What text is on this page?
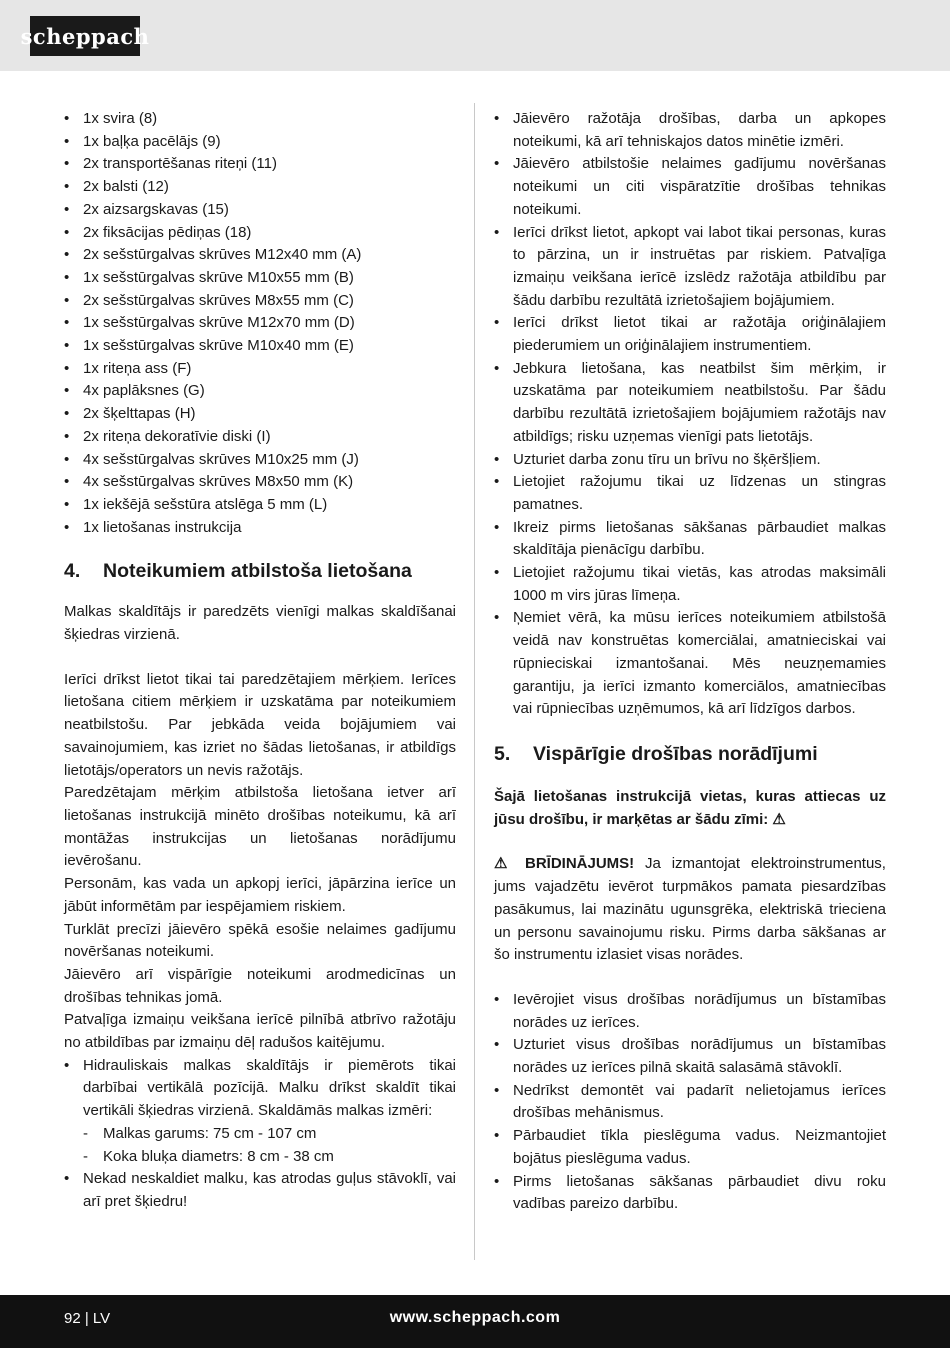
scheppach
• 1x svira (8)
• 1x baļķa pacēlājs (9)
• 2x transportēšanas riteņi (11)
• 2x balsti (12)
• 2x aizsargskavas (15)
• 2x fiksācijas pēdiņas (18)
• 2x sešstūrgalvas skrūves M12x40 mm (A)
• 1x sešstūrgalvas skrūve M10x55 mm (B)
• 2x sešstūrgalvas skrūves M8x55 mm (C)
• 1x sešstūrgalvas skrūve M12x70 mm (D)
• 1x sešstūrgalvas skrūve M10x40 mm (E)
• 1x riteņa ass (F)
• 4x paplāksnes (G)
• 2x šķelttapas (H)
• 2x riteņa dekoratīvie diski (I)
• 4x sešstūrgalvas skrūves M10x25 mm (J)
• 4x sešstūrgalvas skrūves M8x50 mm (K)
• 1x iekšējā sešstūra atslēga 5 mm (L)
• 1x lietošanas instrukcija
4.	Noteikumiem atbilstoša lietošana

Malkas skaldītājs ir paredzēts vienīgi malkas skaldīšanai šķiedras virzienā.

Ierīci drīkst lietot tikai tai paredzētajiem mērķiem. Ierīces lietošana citiem mērķiem ir uzskatāma par noteikumiem neatbilstošu. Par jebkāda veida bojājumiem vai savainojumiem, kas izriet no šādas lietošanas, ir atbildīgs lietotājs/operators un nevis ražotājs.

Paredzētajam mērķim atbilstoša lietošana ietver arī lietošanas instrukcijā minēto drošības noteikumu, kā arī montāžas instrukcijas un lietošanas norādījumu ievērošanu.

Personām, kas vada un apkopj ierīci, jāpārzina ierīce un jābūt informētām par iespējamiem riskiem.

Turklāt precīzi jāievēro spēkā esošie nelaimes gadījumu novēršanas noteikumi.

Jāievēro arī vispārīgie noteikumi arodmedicīnas un drošības tehnikas jomā.

Patvaļīga izmaiņu veikšana ierīcē pilnībā atbrīvo ražotāju no atbildības par izmaiņu dēļ radušos kaitējumu.

• Hidrauliskais malkas skaldītājs ir piemērots tikai darbībai vertikālā pozīcijā. Malku drīkst skaldīt tikai vertikāli šķiedras virzienā. Skaldāmās malkas izmēri:
- Malkas garums: 75 cm - 107 cm
- Koka bluķa diametrs: 8 cm - 38 cm
• Nekad neskaldiet malku, kas atrodas guļus stāvoklī, vai arī pret šķiedru!
• Jāievēro ražotāja drošības, darba un apkopes noteikumi, kā arī tehniskajos datos minētie izmēri.
• Jāievēro atbilstošie nelaimes gadījumu novēršanas noteikumi un citi vispāratzītie drošības tehnikas noteikumi.
• Ierīci drīkst lietot, apkopt vai labot tikai personas, kuras to pārzina, un ir instruētas par riskiem. Patvaļīga izmaiņu veikšana ierīcē izslēdz ražotāja atbildību par šādu darbību rezultātā izrietošajiem bojājumiem.
• Ierīci drīkst lietot tikai ar ražotāja oriģinālajiem piederumiem un oriģinālajiem instrumentiem.
• Jebkura lietošana, kas neatbilst šim mērķim, ir uzskatāma par noteikumiem neatbilstošu. Par šādu darbību rezultātā izrietošajiem bojājumiem ražotājs nav atbildīgs; risku uzņemas vienīgi pats lietotājs.
• Uzturiet darba zonu tīru un brīvu no šķēršļiem.
• Lietojiet ražojumu tikai uz līdzenas un stingras pamatnes.
• Ikreiz pirms lietošanas sākšanas pārbaudiet malkas skaldītāja pienācīgu darbību.
• Lietojiet ražojumu tikai vietās, kas atrodas maksimāli 1000 m virs jūras līmeņa.
• Ņemiet vērā, ka mūsu ierīces noteikumiem atbilstošā veidā nav konstruētas komerciālai, amatnieciskai vai rūpnieciskai izmantošanai. Mēs neuzņemamies garantiju, ja ierīci izmanto komerciālos, amatniecības vai rūpniecības uzņēmumos, kā arī līdzīgos darbos.
5.	Vispārīgie drošības norādījumi

Šajā lietošanas instrukcijā vietas, kuras attiecas uz jūsu drošību, ir marķētas ar šādu zīmi: ⚠

⚠ BRĪDINĀJUMS! Ja izmantojat elektroinstrumentus, jums vajadzētu ievērot turpmākos pamata piesardzības pasākumus, lai mazinātu ugunsgrēka, elektriskā trieciena un personu savainojumu risku. Pirms darba sākšanas ar šo instrumentu izlasiet visas norādes.

• Ievērojiet visus drošības norādījumus un bīstamības norādes uz ierīces.
• Uzturiet visus drošības norādījumus un bīstamības norādes uz ierīces pilnā skaitā salasāmā stāvoklī.
• Nedrīkst demontēt vai padarīt nelietojamus ierīces drošības mehānismus.
• Pārbaudiet tīkla pieslēguma vadus. Neizmantojiet bojātus pieslēguma vadus.
• Pirms lietošanas sākšanas pārbaudiet divu roku vadības pareizo darbību.
92 | LV	www.scheppach.com
